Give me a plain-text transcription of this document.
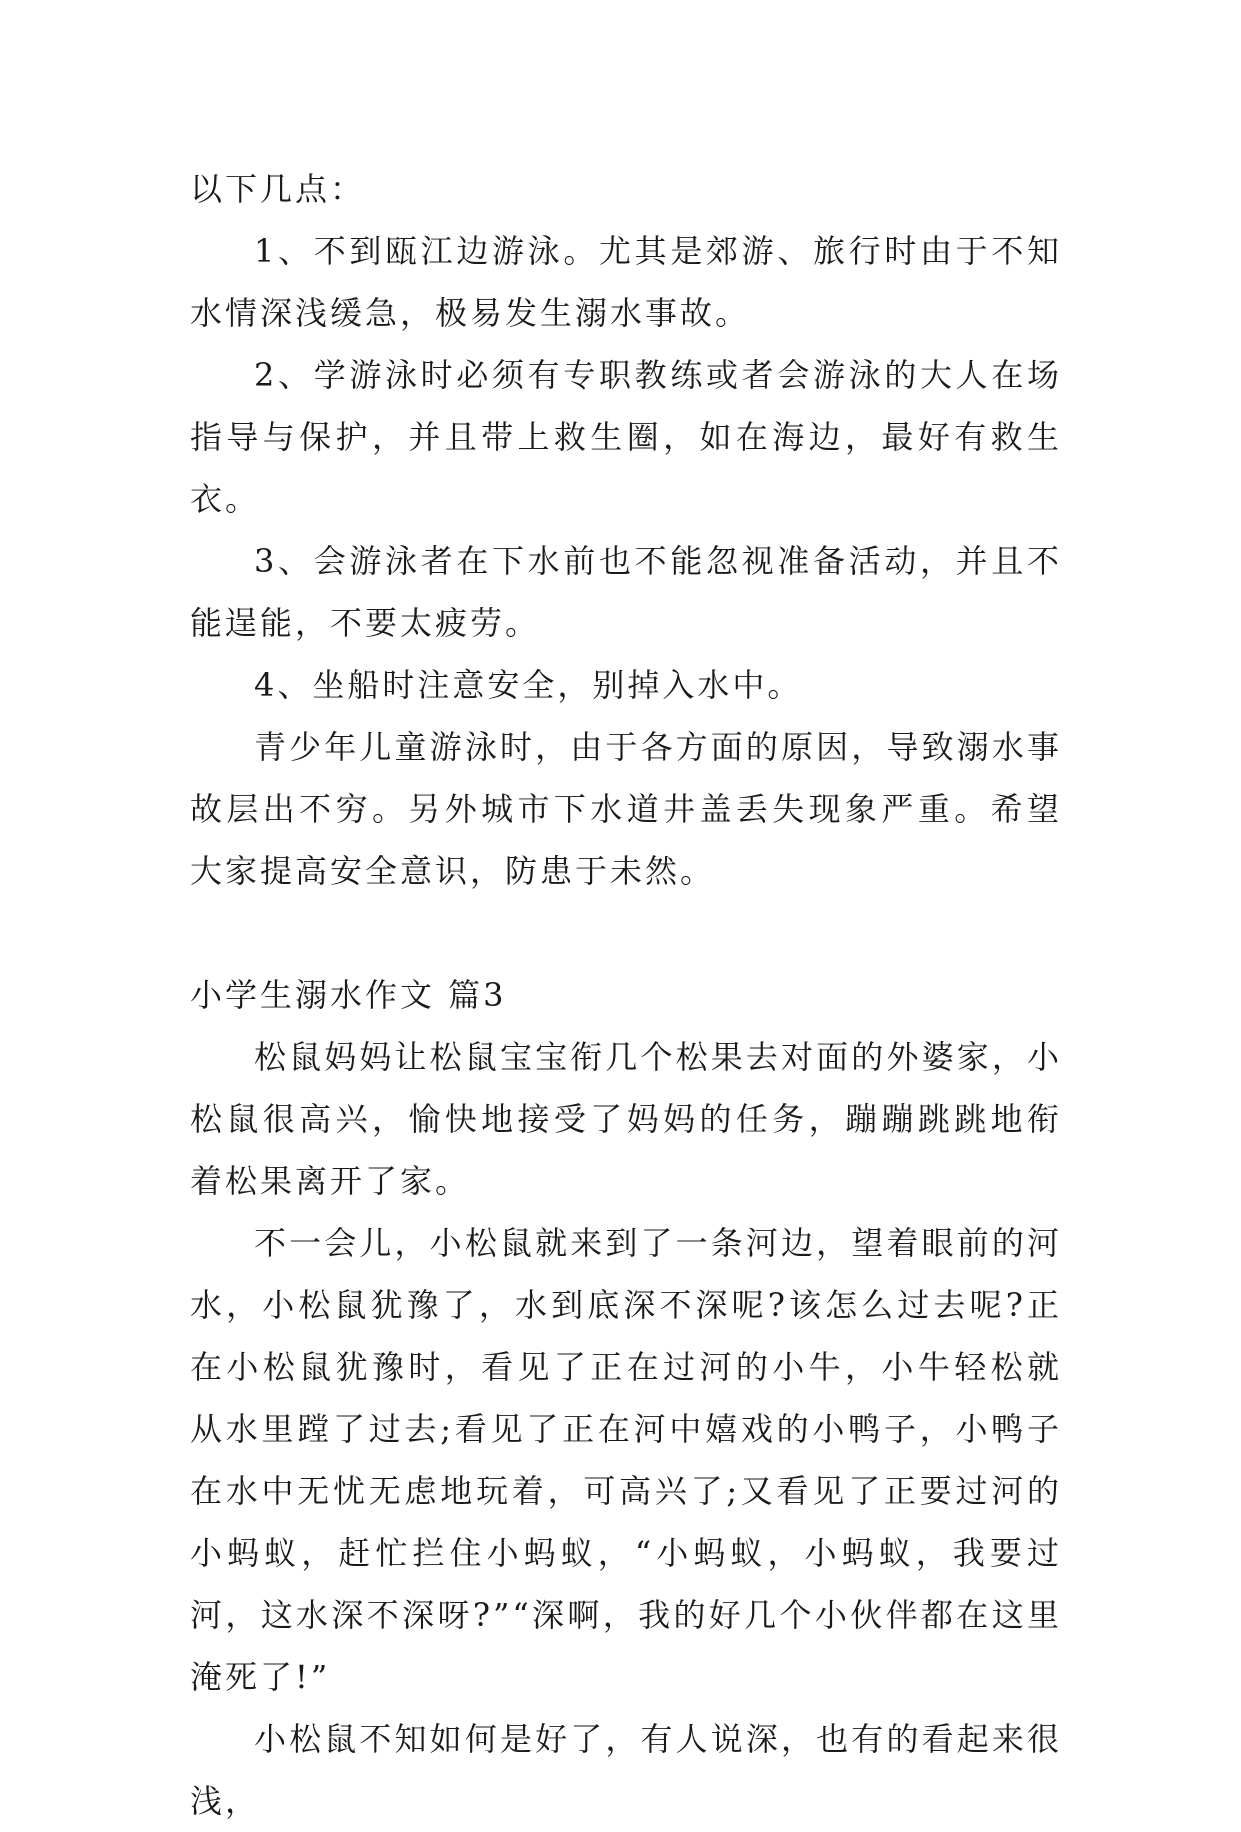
以下几点：

1、不到瓯江边游泳。尤其是郊游、旅行时由于不知水情深浅缓急，极易发生溺水事故。

2、学游泳时必须有专职教练或者会游泳的大人在场指导与保护，并且带上救生圈，如在海边，最好有救生衣。

3、会游泳者在下水前也不能忽视准备活动，并且不能逞能，不要太疲劳。

4、坐船时注意安全，别掉入水中。

青少年儿童游泳时，由于各方面的原因，导致溺水事故层出不穷。另外城市下水道井盖丢失现象严重。希望大家提高安全意识，防患于未然。

小学生溺水作文 篇3

松鼠妈妈让松鼠宝宝衔几个松果去对面的外婆家，小松鼠很高兴，愉快地接受了妈妈的任务，蹦蹦跳跳地衔着松果离开了家。

不一会儿，小松鼠就来到了一条河边，望着眼前的河水，小松鼠犹豫了，水到底深不深呢?该怎么过去呢?正在小松鼠犹豫时，看见了正在过河的小牛，小牛轻松就从水里蹚了过去;看见了正在河中嬉戏的小鸭子，小鸭子在水中无忧无虑地玩着，可高兴了;又看见了正要过河的小蚂蚁，赶忙拦住小蚂蚁，“小蚂蚁，小蚂蚁，我要过河，这水深不深呀?”“深啊，我的好几个小伙伴都在这里淹死了!”

小松鼠不知如何是好了，有人说深，也有的看起来很浅，
